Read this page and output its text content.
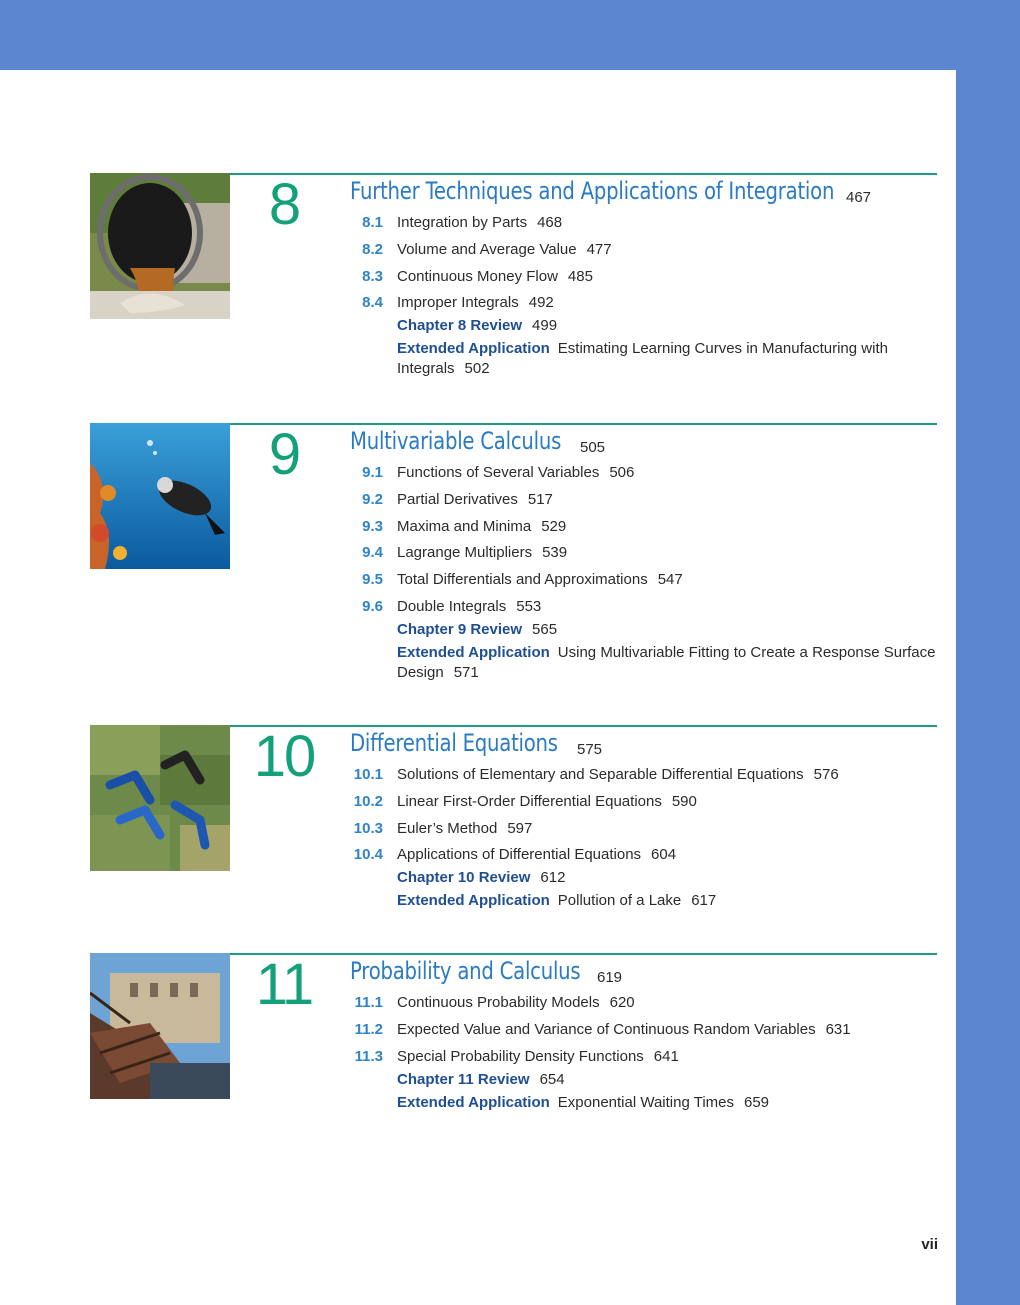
8	Further Techniques and Applications of Integration 467
8.1 Integration by Parts 468
8.2 Volume and Average Value 477
8.3 Continuous Money Flow 485
8.4 Improper Integrals 492
Chapter 8 Review 499
Extended Application Estimating Learning Curves in Manufacturing with Integrals 502
9	Multivariable Calculus 505
9.1 Functions of Several Variables 506
9.2 Partial Derivatives 517
9.3 Maxima and Minima 529
9.4 Lagrange Multipliers 539
9.5 Total Differentials and Approximations 547
9.6 Double Integrals 553
Chapter 9 Review 565
Extended Application Using Multivariable Fitting to Create a Response Surface Design 571
10	Differential Equations 575
10.1 Solutions of Elementary and Separable Differential Equations 576
10.2 Linear First-Order Differential Equations 590
10.3 Euler’s Method 597
10.4 Applications of Differential Equations 604
Chapter 10 Review 612
Extended Application Pollution of a Lake 617
11	Probability and Calculus 619
11.1 Continuous Probability Models 620
11.2 Expected Value and Variance of Continuous Random Variables 631
11.3 Special Probability Density Functions 641
Chapter 11 Review 654
Extended Application Exponential Waiting Times 659
vii
